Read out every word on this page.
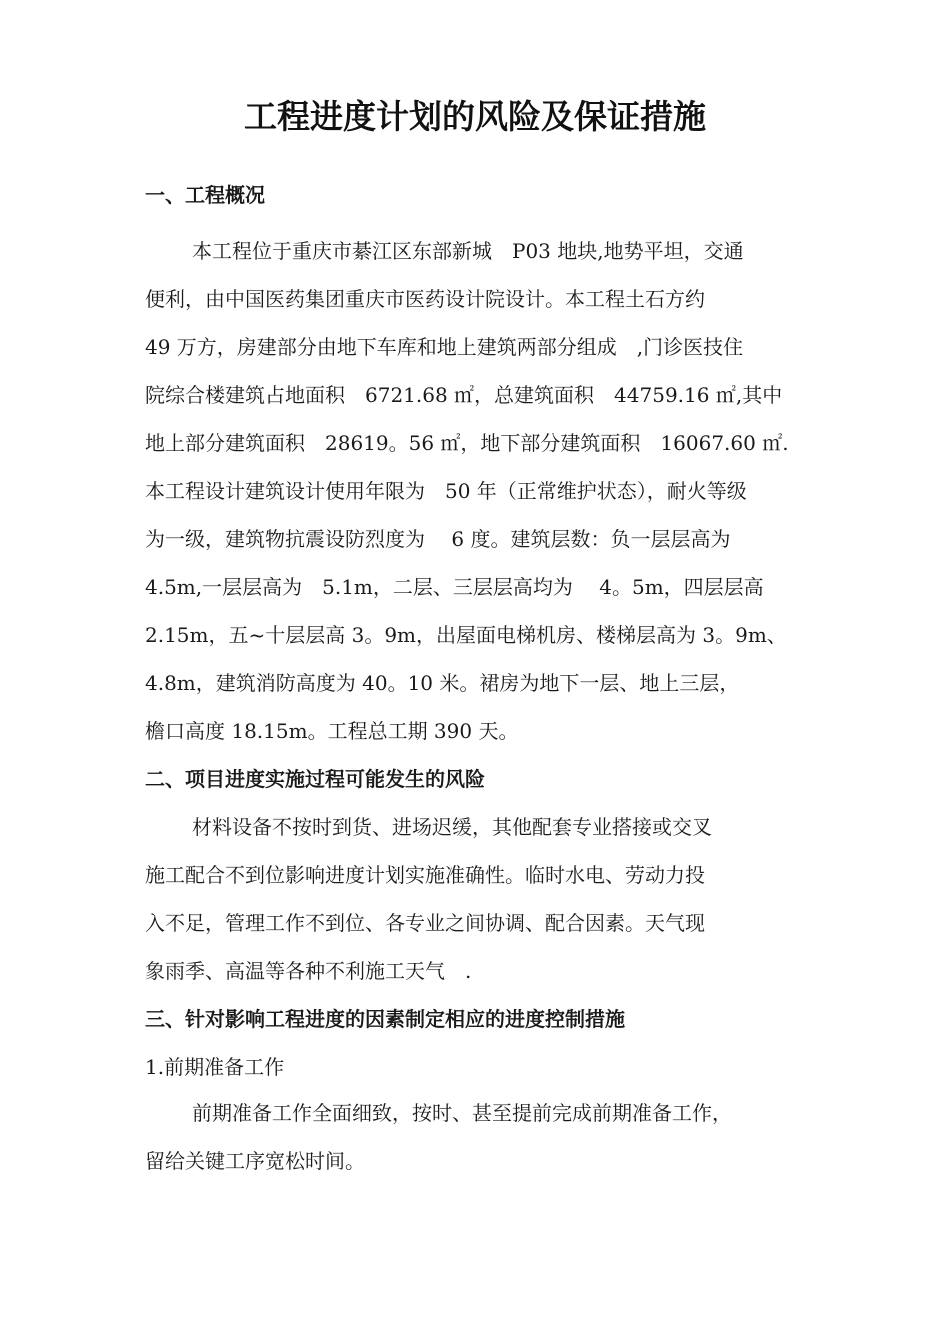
工程进度计划的风险及保证措施
一、工程概况
本工程位于重庆市綦江区东部新城　P03 地块,地势平坦，交通
便利，由中国医药集团重庆市医药设计院设计。本工程土石方约
49 万方，房建部分由地下车库和地上建筑两部分组成　,门诊医技住
院综合楼建筑占地面积　6721.68 ㎡，总建筑面积　44759.16 ㎡,其中
地上部分建筑面积　28619。56 ㎡，地下部分建筑面积　16067.60 ㎡.
本工程设计建筑设计使用年限为　50 年（正常维护状态），耐火等级
为一级，建筑物抗震设防烈度为　 6 度。建筑层数：负一层层高为
4.5m,一层层高为　5.1m，二层、三层层高均为　 4。5m，四层层高
2.15m，五~十层层高 3。9m，出屋面电梯机房、楼梯层高为 3。9m、
4.8m，建筑消防高度为 40。10 米。裙房为地下一层、地上三层，
檐口高度 18.15m。工程总工期 390 天。
二、项目进度实施过程可能发生的风险
材料设备不按时到货、进场迟缓，其他配套专业搭接或交叉
施工配合不到位影响进度计划实施准确性。临时水电、劳动力投
入不足，管理工作不到位、各专业之间协调、配合因素。天气现
象雨季、高温等各种不利施工天气　.
三、针对影响工程进度的因素制定相应的进度控制措施
1.前期准备工作
前期准备工作全面细致，按时、甚至提前完成前期准备工作，
留给关键工序宽松时间。
